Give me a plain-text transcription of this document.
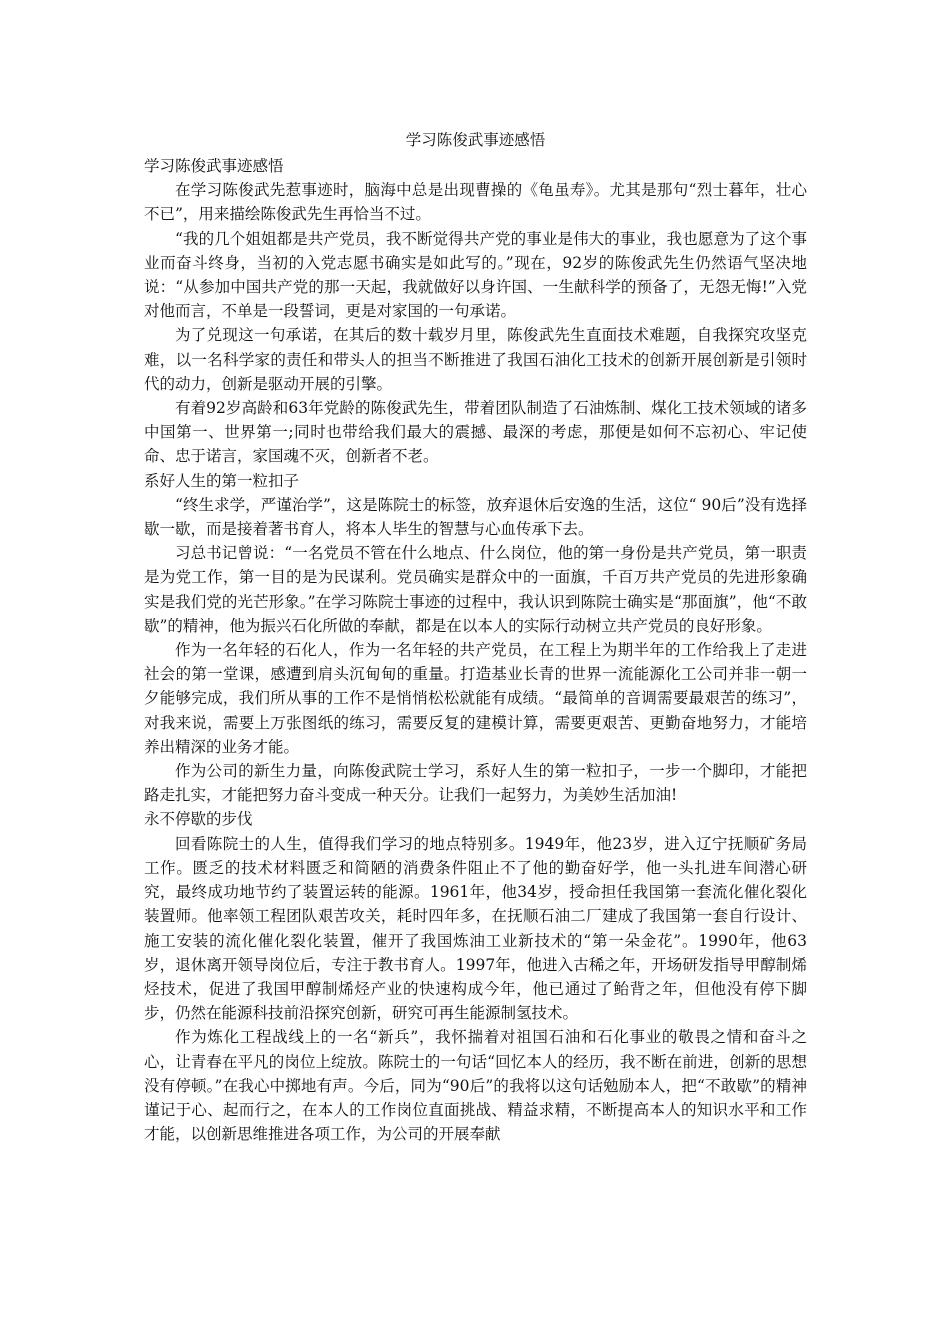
学习陈俊武事迹感悟
学习陈俊武事迹感悟

在学习陈俊武先惹事迹时，脑海中总是出现曹操的《龟虽寿》。尤其是那句“烈士暮年，壮心不已”，用来描绘陈俊武先生再恰当不过。

“我的几个姐姐都是共产党员，我不断觉得共产党的事业是伟大的事业，我也愿意为了这个事业而奋斗终身，当初的入党志愿书确实是如此写的。”现在，92岁的陈俊武先生仍然语气坚决地说：“从参加中国共产党的那一天起，我就做好以身许国、一生献科学的预备了，无怨无悔!”入党对他而言，不单是一段誓词，更是对家国的一句承诺。

为了兑现这一句承诺，在其后的数十载岁月里，陈俊武先生直面技术难题，自我探究攻坚克难，以一名科学家的责任和带头人的担当不断推进了我国石油化工技术的创新开展创新是引领时代的动力，创新是驱动开展的引擎。

有着92岁高龄和63年党龄的陈俊武先生，带着团队制造了石油炼制、煤化工技术领域的诸多中国第一、世界第一;同时也带给我们最大的震撼、最深的考虑，那便是如何不忘初心、牢记使命、忠于诺言，家国魂不灭，创新者不老。

系好人生的第一粒扣子

“终生求学，严谨治学”，这是陈院士的标签，放弃退休后安逸的生活，这位“ 90后”没有选择歇一歇，而是接着著书育人，将本人毕生的智慧与心血传承下去。

习总书记曾说：“一名党员不管在什么地点、什么岗位，他的第一身份是共产党员，第一职责是为党工作，第一目的是为民谋利。党员确实是群众中的一面旗，千百万共产党员的先进形象确实是我们党的光芒形象。”在学习陈院士事迹的过程中，我认识到陈院士确实是“那面旗”，他“不敢歇”的精神，他为振兴石化所做的奉献，都是在以本人的实际行动树立共产党员的良好形象。

作为一名年轻的石化人，作为一名年轻的共产党员，在工程上为期半年的工作给我上了走进社会的第一堂课，感遭到肩头沉甸甸的重量。打造基业长青的世界一流能源化工公司并非一朝一夕能够完成，我们所从事的工作不是悄悄松松就能有成绩。“最简单的音调需要最艰苦的练习”，对我来说，需要上万张图纸的练习，需要反复的建模计算，需要更艰苦、更勤奋地努力，才能培养出精深的业务才能。

作为公司的新生力量，向陈俊武院士学习，系好人生的第一粒扣子，一步一个脚印，才能把路走扎实，才能把努力奋斗变成一种天分。让我们一起努力，为美妙生活加油!

永不停歇的步伐

回看陈院士的人生，值得我们学习的地点特别多。1949年，他23岁，进入辽宁抚顺矿务局工作。匮乏的技术材料匮乏和简陋的消费条件阻止不了他的勤奋好学，他一头扎进车间潜心研究，最终成功地节约了装置运转的能源。1961年，他34岁，授命担任我国第一套流化催化裂化装置师。他率领工程团队艰苦攻关，耗时四年多，在抚顺石油二厂建成了我国第一套自行设计、施工安装的流化催化裂化装置，催开了我国炼油工业新技术的“第一朵金花”。1990年，他63岁，退休离开领导岗位后，专注于教书育人。1997年，他进入古稀之年，开场研发指导甲醇制烯烃技术，促进了我国甲醇制烯烃产业的快速构成今年，他已通过了鲐背之年，但他没有停下脚步，仍然在能源科技前沿探究创新，研究可再生能源制氢技术。

作为炼化工程战线上的一名“新兵”，我怀揣着对祖国石油和石化事业的敬畏之情和奋斗之心，让青春在平凡的岗位上绽放。陈院士的一句话“回忆本人的经历，我不断在前进，创新的思想没有停顿。”在我心中掷地有声。今后，同为“90后”的我将以这句话勉励本人，把“不敢歇”的精神谨记于心、起而行之，在本人的工作岗位直面挑战、精益求精，不断提高本人的知识水平和工作才能，以创新思维推进各项工作，为公司的开展奉献
